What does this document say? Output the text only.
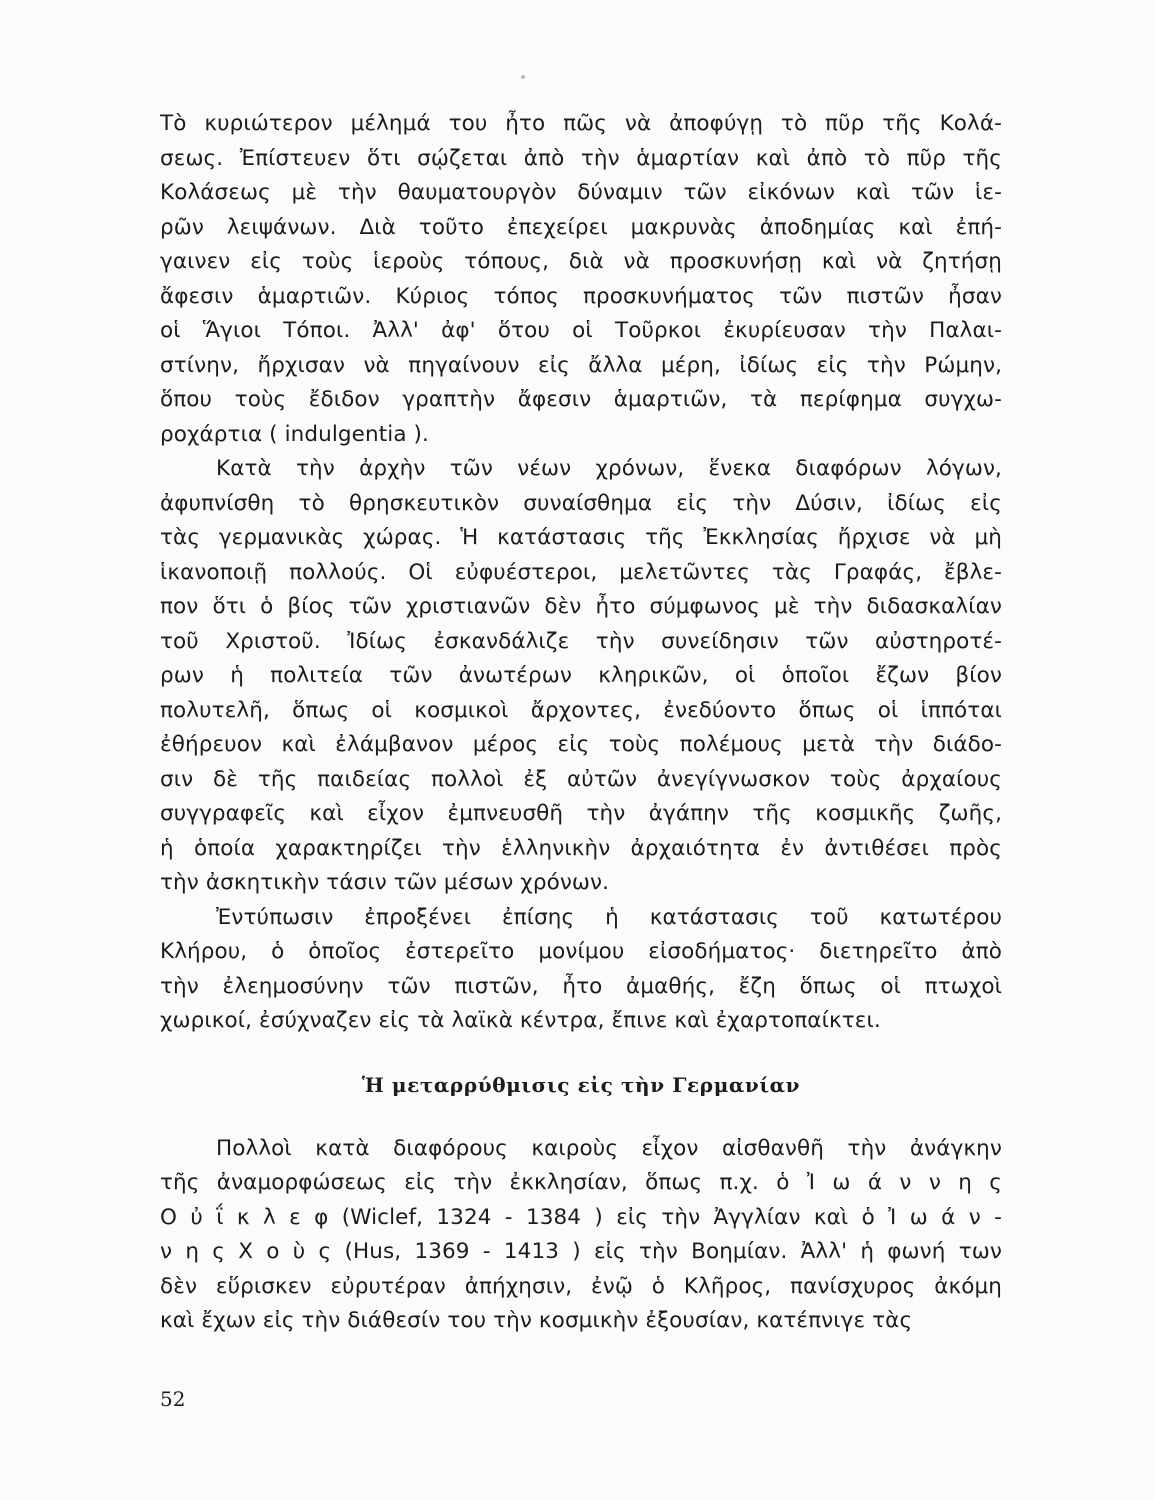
Τὸ κυριώτερον μέλημά του ἦτο πῶς νὰ ἀποφύγῃ τὸ πῦρ τῆς Κολά-
σεως. Ἐπίστευεν ὅτι σῴζεται ἀπὸ τὴν ἁμαρτίαν καὶ ἀπὸ τὸ πῦρ τῆς
Κολάσεως μὲ τὴν θαυματουργὸν δύναμιν τῶν εἰκόνων καὶ τῶν ἱε-
ρῶν λειψάνων. Διὰ τοῦτο ἐπεχείρει μακρυνὰς ἀποδημίας καὶ ἐπή-
γαινεν εἰς τοὺς ἱεροὺς τόπους, διὰ νὰ προσκυνήσῃ καὶ νὰ ζητήσῃ
ἄφεσιν ἁμαρτιῶν. Κύριος τόπος προσκυνήματος τῶν πιστῶν ἦσαν
οἱ Ἅγιοι Τόποι. Ἀλλ' ἀφ' ὅτου οἱ Τοῦρκοι ἐκυρίευσαν τὴν Παλαι-
στίνην, ἤρχισαν νὰ πηγαίνουν εἰς ἄλλα μέρη, ἰδίως εἰς τὴν Ρώμην,
ὅπου τοὺς ἔδιδον γραπτὴν ἄφεσιν ἁμαρτιῶν, τὰ περίφημα συγχω-
ροχάρτια ( indulgentia ).
Κατὰ τὴν ἀρχὴν τῶν νέων χρόνων, ἕνεκα διαφόρων λόγων,
ἀφυπνίσθη τὸ θρησκευτικὸν συναίσθημα εἰς τὴν Δύσιν, ἰδίως εἰς
τὰς γερμανικὰς χώρας. Ἡ κατάστασις τῆς Ἐκκλησίας ἤρχισε νὰ μὴ
ἱκανοποιῇ πολλούς. Οἱ εὐφυέστεροι, μελετῶντες τὰς Γραφάς, ἔβλε-
πον ὅτι ὁ βίος τῶν χριστιανῶν δὲν ἦτο σύμφωνος μὲ τὴν διδασκαλίαν
τοῦ Χριστοῦ. Ἰδίως ἐσκανδάλιζε τὴν συνείδησιν τῶν αὐστηροτέ-
ρων ἡ πολιτεία τῶν ἀνωτέρων κληρικῶν, οἱ ὁποῖοι ἔζων βίον
πολυτελῆ, ὅπως οἱ κοσμικοὶ ἄρχοντες, ἐνεδύοντο ὅπως οἱ ἱππόται
ἐθήρευον καὶ ἐλάμβανον μέρος εἰς τοὺς πολέμους μετὰ τὴν διάδο-
σιν δὲ τῆς παιδείας πολλοὶ ἐξ αὐτῶν ἀνεγίγνωσκον τοὺς ἀρχαίους
συγγραφεῖς καὶ εἶχον ἐμπνευσθῆ τὴν ἀγάπην τῆς κοσμικῆς ζωῆς,
ἡ ὁποία χαρακτηρίζει τὴν ἑλληνικὴν ἀρχαιότητα ἐν ἀντιθέσει πρὸς
τὴν ἀσκητικὴν τάσιν τῶν μέσων χρόνων.
Ἐντύπωσιν ἐπροξένει ἐπίσης ἡ κατάστασις τοῦ κατωτέρου
Κλήρου, ὁ ὁποῖος ἐστερεῖτο μονίμου εἰσοδήματος· διετηρεῖτο ἀπὸ
τὴν ἐλεημοσύνην τῶν πιστῶν, ἦτο ἀμαθής, ἔζη ὅπως οἱ πτωχοὶ
χωρικοί, ἐσύχναζεν εἰς τὰ λαϊκὰ κέντρα, ἔπινε καὶ ἐχαρτοπαίκτει.
Πολλοὶ κατὰ διαφόρους καιροὺς εἶχον αἰσθανθῆ τὴν ἀνάγκην
τῆς ἀναμορφώσεως εἰς τὴν ἐκκλησίαν, ὅπως π.χ. ὁ Ἰ ω ά ν ν η ς
Ο ὐ ΐ κ λ ε φ (Wiclef, 1324 - 1384 ) εἰς τὴν Ἀγγλίαν καὶ ὁ Ἰ ω ά ν -
ν η ς Χ ο ὺ ς (Hus, 1369 - 1413 ) εἰς τὴν Βοημίαν. Ἀλλ' ἡ φωνή των
δὲν εὕρισκεν εὐρυτέραν ἀπήχησιν, ἐνῷ ὁ Κλῆρος, πανίσχυρος ἀκόμη
καὶ ἔχων εἰς τὴν διάθεσίν του τὴν κοσμικὴν ἐξουσίαν, κατέπνιγε τὰς
Ἡ μεταρρύθμισις εἰς τὴν Γερμανίαν
52
